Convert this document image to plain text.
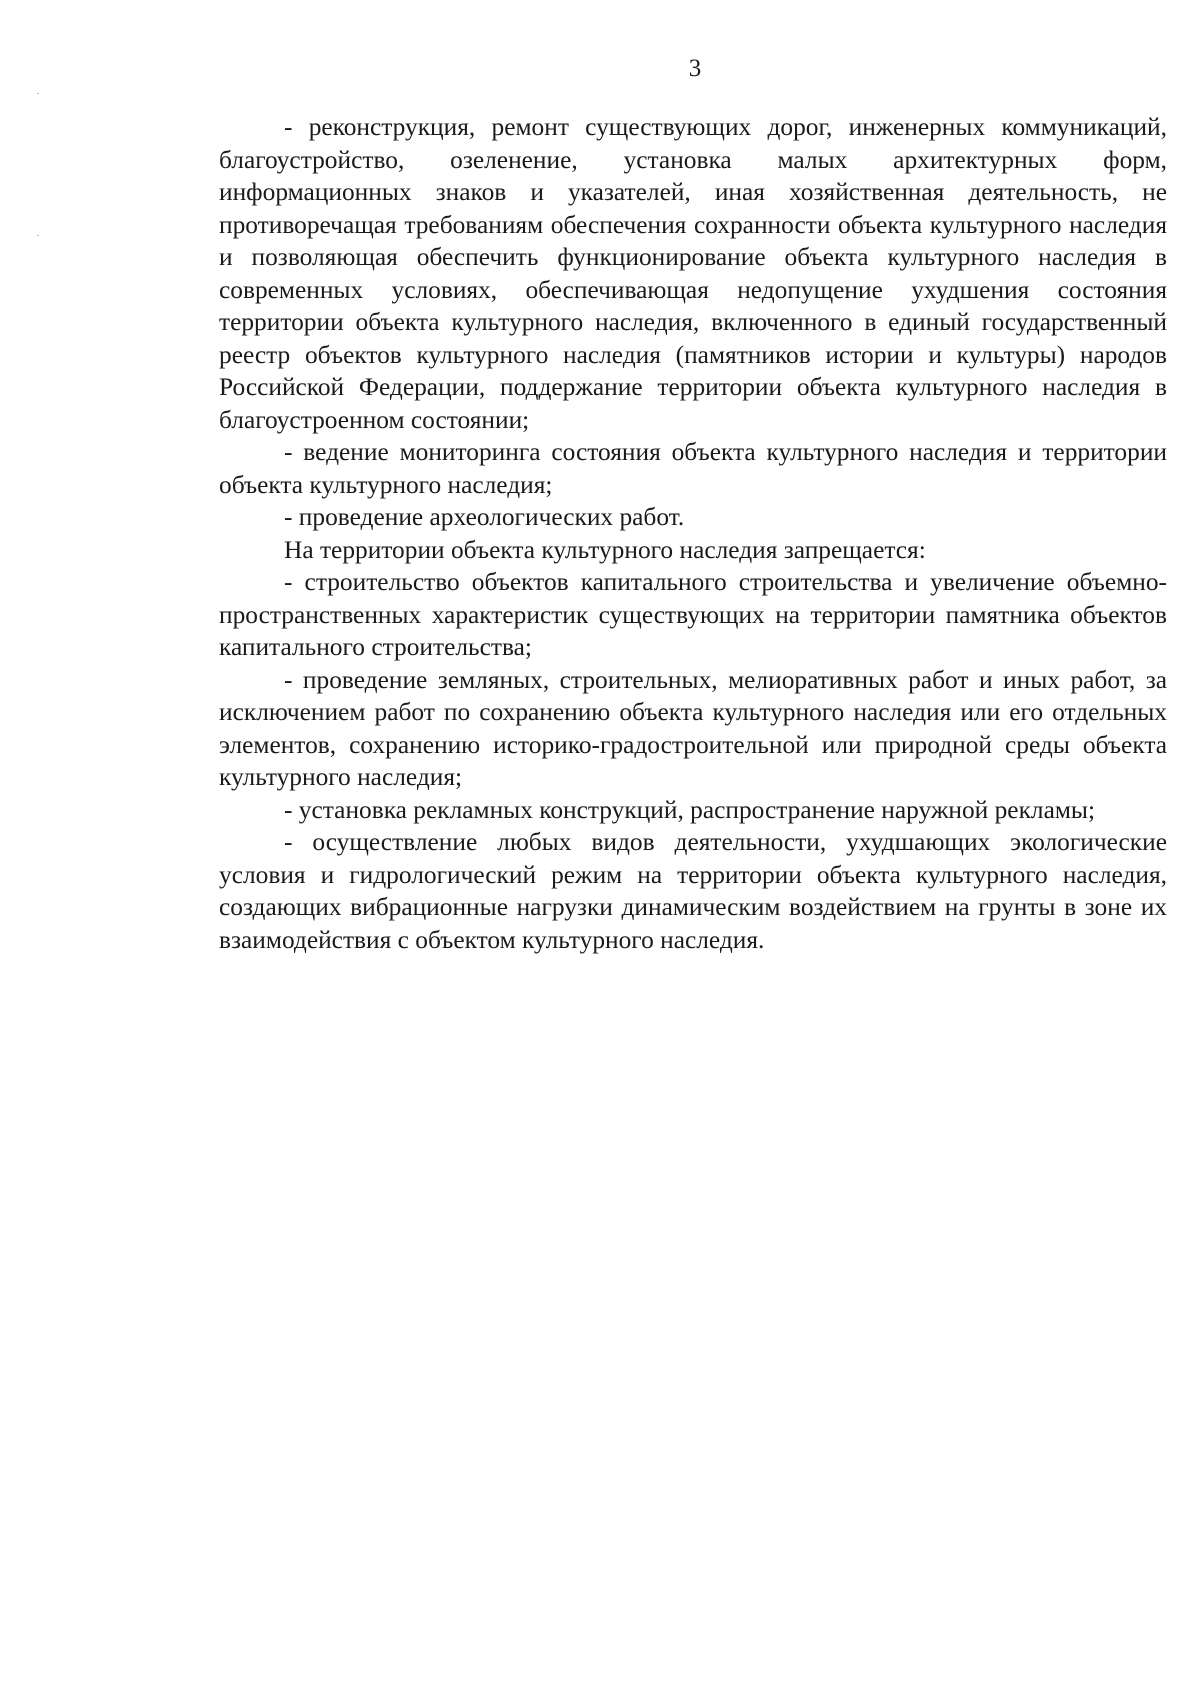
3

- реконструкция, ремонт существующих дорог, инженерных коммуникаций, благоустройство, озеленение, установка малых архитектурных форм, информационных знаков и указателей, иная хозяйственная деятельность, не противоречащая требованиям обеспечения сохранности объекта культурного наследия и позволяющая обеспечить функционирование объекта культурного наследия в современных условиях, обеспечивающая недопущение ухудшения состояния территории объекта культурного наследия, включенного в единый государственный реестр объектов культурного наследия (памятников истории и культуры) народов Российской Федерации, поддержание территории объекта культурного наследия в благоустроенном состоянии;

- ведение мониторинга состояния объекта культурного наследия и территории объекта культурного наследия;

- проведение археологических работ.

На территории объекта культурного наследия запрещается:

- строительство объектов капитального строительства и увеличение объемно-пространственных характеристик существующих на территории памятника объектов капитального строительства;

- проведение земляных, строительных, мелиоративных работ и иных работ, за исключением работ по сохранению объекта культурного наследия или его отдельных элементов, сохранению историко-градостроительной или природной среды объекта культурного наследия;

- установка рекламных конструкций, распространение наружной рекламы;

- осуществление любых видов деятельности, ухудшающих экологические условия и гидрологический режим на территории объекта культурного наследия, создающих вибрационные нагрузки динамическим воздействием на грунты в зоне их взаимодействия с объектом культурного наследия.
